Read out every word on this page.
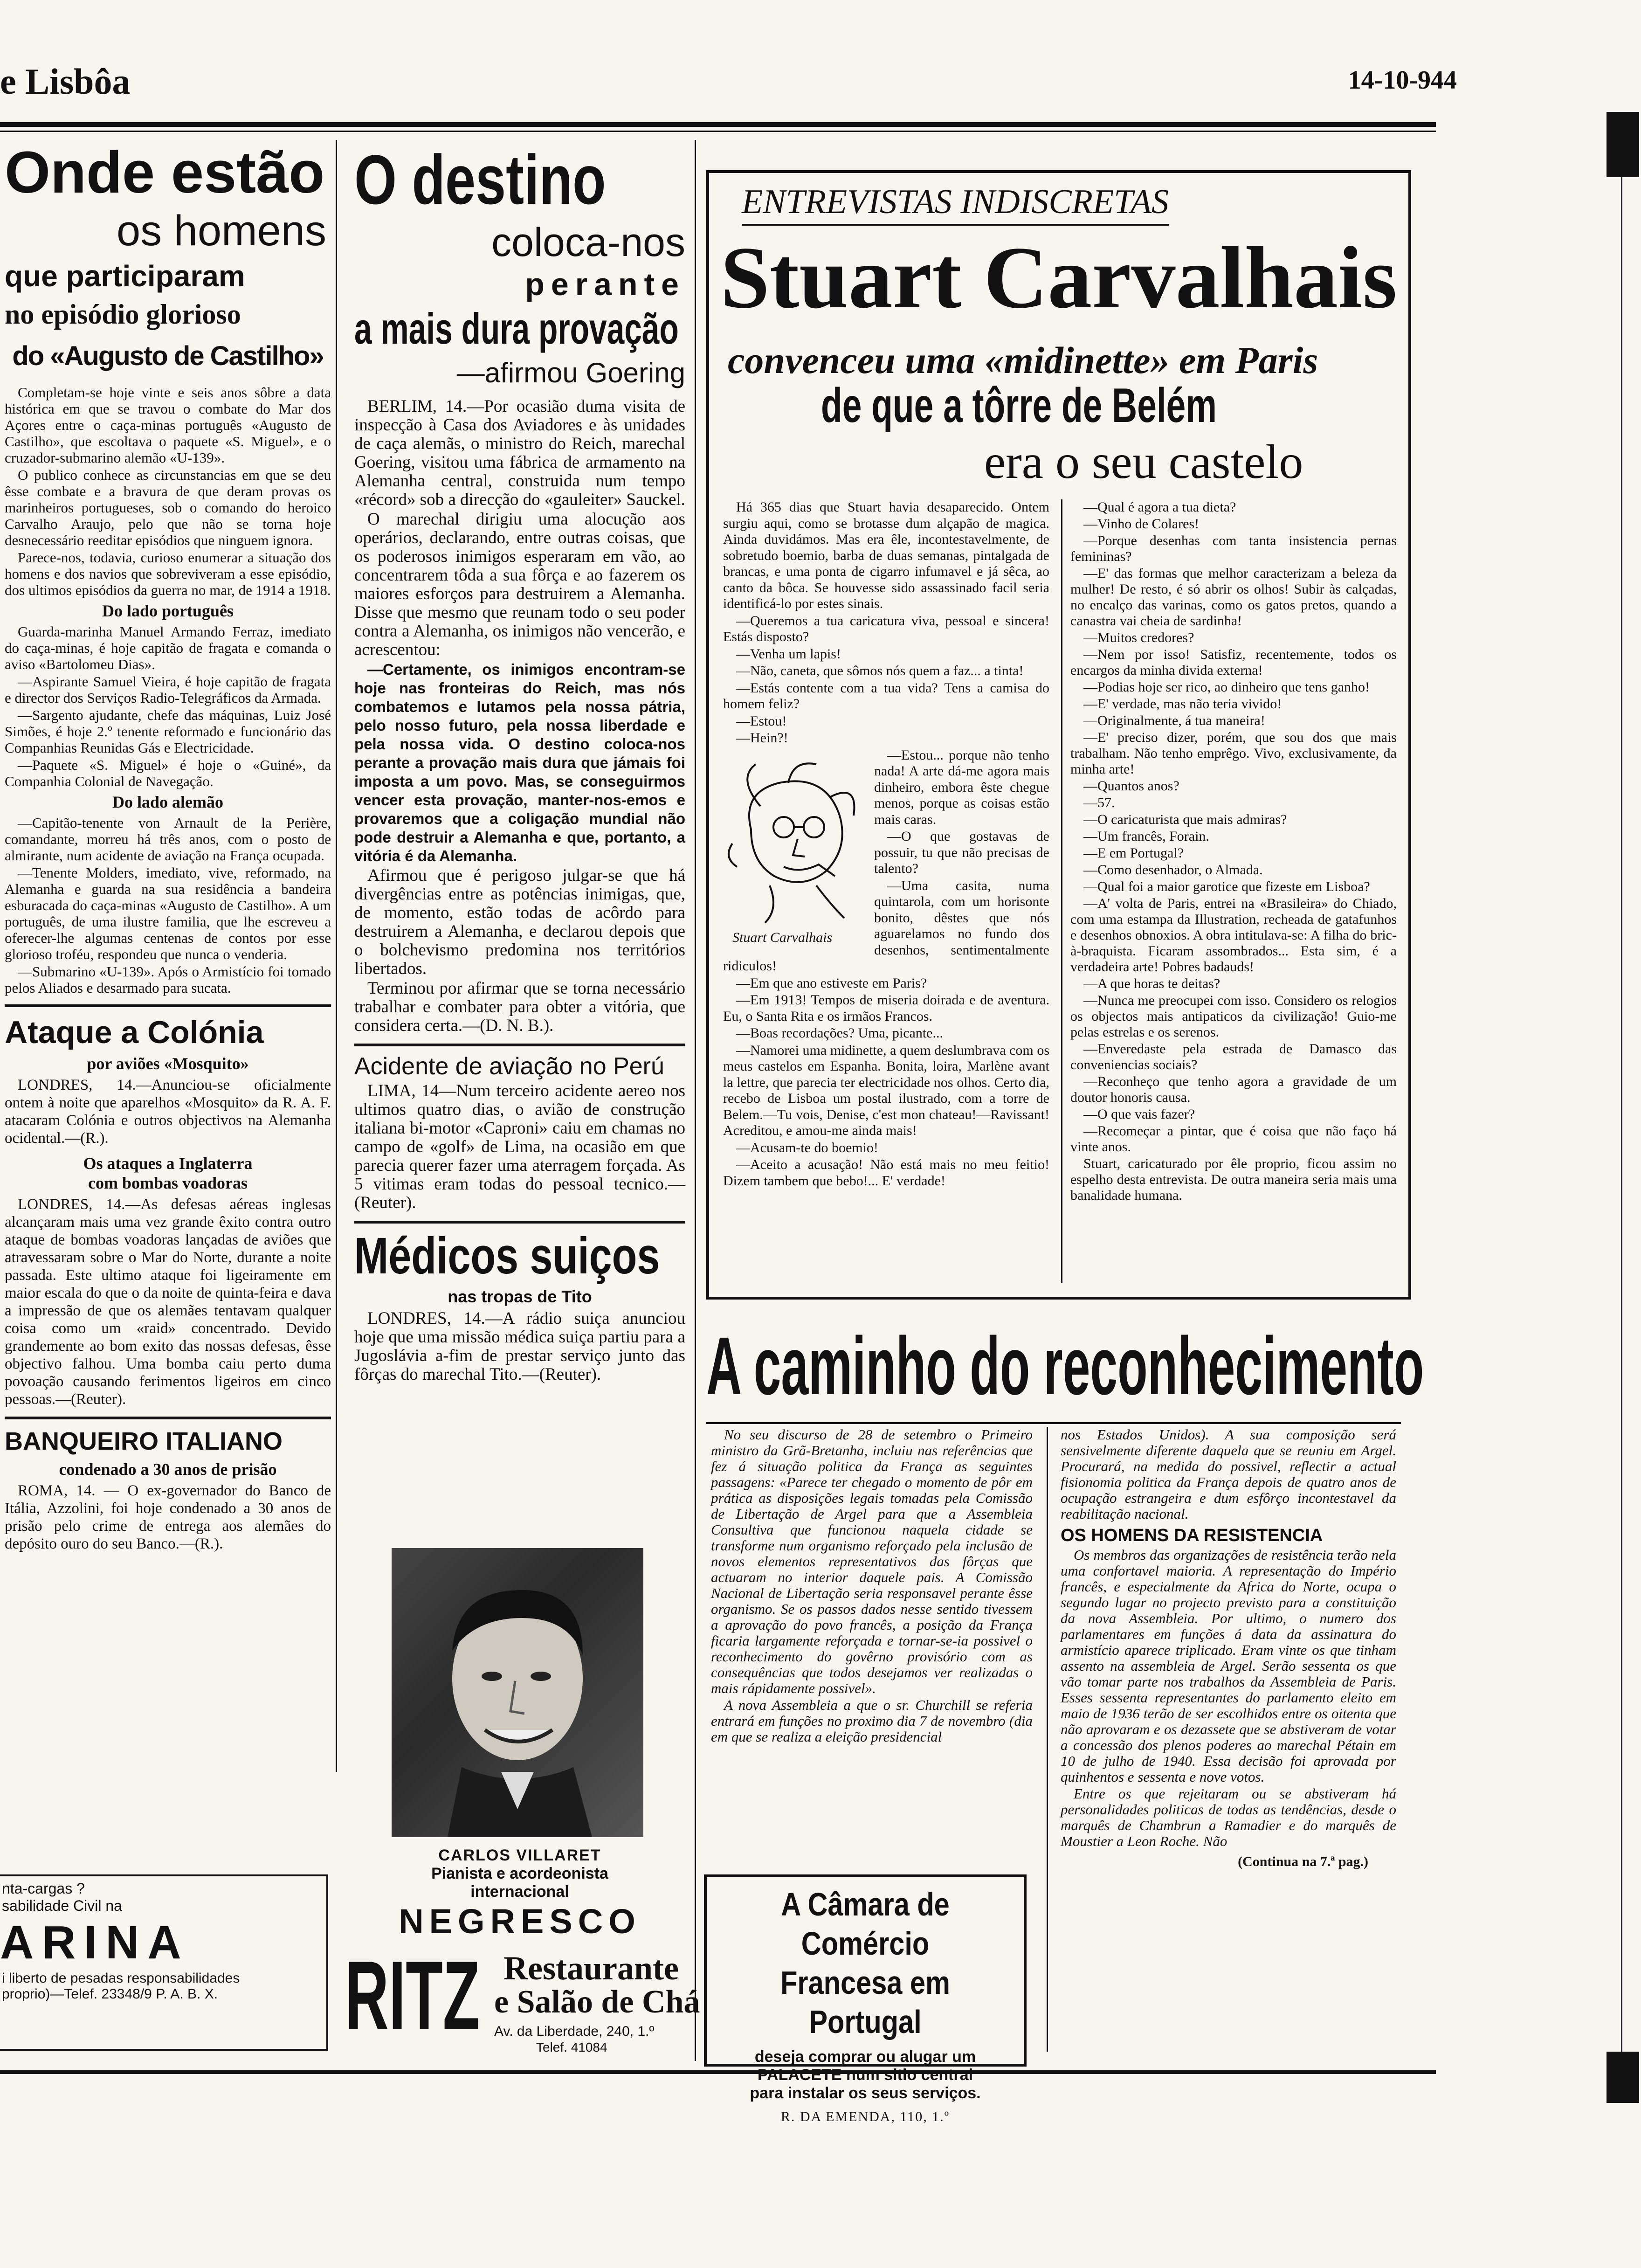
e Lisbôa	14-10-944
Onde estão
os homens
que participaram
no episódio glorioso
do «Augusto de Castilho»

Completam-se hoje vinte e seis anos sôbre a data histórica em que se travou o combate do Mar dos Açores entre o caça-minas português «Augusto de Castilho», que escoltava o paquete «S. Miguel», e o cruzador-submarino alemão «U-139».

O publico conhece as circunstancias em que se deu êsse combate e a bravura de que deram provas os marinheiros portugueses, sob o comando do heroico Carvalho Araujo, pelo que não se torna hoje desnecessário reeditar episódios que ninguem ignora.

Parece-nos, todavia, curioso enumerar a situação dos homens e dos navios que sobreviveram a esse episódio, dos ultimos episódios da guerra no mar, de 1914 a 1918.

Do lado português

Guarda-marinha Manuel Armando Ferraz, imediato do caça-minas, é hoje capitão de fragata e comanda o aviso «Bartolomeu Dias».

—Aspirante Samuel Vieira, é hoje capitão de fragata e director dos Serviços Radio-Telegráficos da Armada.

—Sargento ajudante, chefe das máquinas, Luiz José Simões, é hoje 2.º tenente reformado e funcionário das Companhias Reunidas Gás e Electricidade.

—Paquete «S. Miguel» é hoje o «Guiné», da Companhia Colonial de Navegação.

Do lado alemão

—Capitão-tenente von Arnault de la Perière, comandante, morreu há três anos, com o posto de almirante, num acidente de aviação na França ocupada.

—Tenente Molders, imediato, vive, reformado, na Alemanha e guarda na sua residência a bandeira esburacada do caça-minas «Augusto de Castilho». A um português, de uma ilustre familia, que lhe escreveu a oferecer-lhe algumas centenas de contos por esse glorioso troféu, respondeu que nunca o venderia.

—Submarino «U-139». Após o Armistício foi tomado pelos Aliados e desarmado para sucata.

Ataque a Colónia
por aviões «Mosquito»

LONDRES, 14.—Anunciou-se oficialmente ontem à noite que aparelhos «Mosquito» da R. A. F. atacaram Colónia e outros objectivos na Alemanha ocidental.—(R.).

Os ataques a Inglaterra
com bombas voadoras

LONDRES, 14.—As defesas aéreas inglesas alcançaram mais uma vez grande êxito contra outro ataque de bombas voadoras lançadas de aviões que atravessaram sobre o Mar do Norte, durante a noite passada. Este ultimo ataque foi ligeiramente em maior escala do que o da noite de quinta-feira e dava a impressão de que os alemães tentavam qualquer coisa como um «raid» concentrado. Devido grandemente ao bom exito das nossas defesas, êsse objectivo falhou. Uma bomba caiu perto duma povoação causando ferimentos ligeiros em cinco pessoas.—(Reuter).

BANQUEIRO ITALIANO
condenado a 30 anos de prisão

ROMA, 14. — O ex-governador do Banco de Itália, Azzolini, foi hoje condenado a 30 anos de prisão pelo crime de entrega aos alemães do depósito ouro do seu Banco.—(R.).

nta-cargas ?
sabilidade Civil na
ARINA
i liberto de pesadas responsabilidades
proprio)—Telef. 23348/9 P. A. B. X.
O destino
coloca-nos
perante
a mais dura provação
—afirmou Goering

BERLIM, 14.—Por ocasião duma visita de inspecção à Casa dos Aviadores e às unidades de caça alemãs, o ministro do Reich, marechal Goering, visitou uma fábrica de armamento na Alemanha central, construida num tempo «récord» sob a direcção do «gauleiter» Sauckel.

O marechal dirigiu uma alocução aos operários, declarando, entre outras coisas, que os poderosos inimigos esperaram em vão, ao concentrarem tôda a sua fôrça e ao fazerem os maiores esforços para destruirem a Alemanha. Disse que mesmo que reunam todo o seu poder contra a Alemanha, os inimigos não vencerão, e acrescentou:

—Certamente, os inimigos encontram-se hoje nas fronteiras do Reich, mas nós combatemos e lutamos pela nossa pátria, pelo nosso futuro, pela nossa liberdade e pela nossa vida. O destino coloca-nos perante a provação mais dura que jámais foi imposta a um povo. Mas, se conseguirmos vencer esta provação, manter-nos-emos e provaremos que a coligação mundial não pode destruir a Alemanha e que, portanto, a vitória é da Alemanha.

Afirmou que é perigoso julgar-se que há divergências entre as potências inimigas, que, de momento, estão todas de acôrdo para destruirem a Alemanha, e declarou depois que o bolchevismo predomina nos territórios libertados.

Terminou por afirmar que se torna necessário trabalhar e combater para obter a vitória, que considera certa.—(D. N. B.).

Acidente de aviação no Perú

LIMA, 14—Num terceiro acidente aereo nos ultimos quatro dias, o avião de construção italiana bi-motor «Caproni» caiu em chamas no campo de «golf» de Lima, na ocasião em que parecia querer fazer uma aterragem forçada. As 5 vitimas eram todas do pessoal tecnico.—(Reuter).

Médicos suiços
nas tropas de Tito

LONDRES, 14.—A rádio suiça anunciou hoje que uma missão médica suiça partiu para a Jugoslávia a-fim de prestar serviço junto das fôrças do marechal Tito.—(Reuter).

CARLOS VILLARET
Pianista e acordeonista
internacional
NEGRESCO
RITZ Restaurante
e Salão de Chá
Av. da Liberdade, 240, 1.º
Telef. 41084
ENTREVISTAS INDISCRETAS
Stuart Carvalhais
convenceu uma «midinette» em Paris
de que a tôrre de Belém
era o seu castelo

Há 365 dias que Stuart havia desaparecido. Ontem surgiu aqui, como se brotasse dum alçapão de magica. Ainda duvidámos. Mas era êle, incontestavelmente, de sobretudo boemio, barba de duas semanas, pintalgada de brancas, e uma ponta de cigarro infumavel e já sêca, ao canto da bôca. Se houvesse sido assassinado facil seria identificá-lo por estes sinais.

—Queremos a tua caricatura viva, pessoal e sincera! Estás disposto?

—Venha um lapis!

—Não, caneta, que sômos nós quem a faz... a tinta!

—Estás contente com a tua vida? Tens a camisa do homem feliz?

—Estou!

—Hein?!

Stuart Carvalhais

—Estou... porque não tenho nada! A arte dá-me agora mais dinheiro, embora êste chegue menos, porque as coisas estão mais caras.

—O que gostavas de possuir, tu que não precisas de talento?

—Uma casita, numa quintarola, com um horisonte bonito, dêstes que nós aguarelamos no fundo dos desenhos, sentimentalmente ridiculos!

—Em que ano estiveste em Paris?

—Em 1913! Tempos de miseria doirada e de aventura. Eu, o Santa Rita e os irmãos Francos.

—Boas recordações? Uma, picante...

—Namorei uma midinette, a quem deslumbrava com os meus castelos em Espanha. Bonita, loira, Marlène avant la lettre, que parecia ter electricidade nos olhos. Certo dia, recebo de Lisboa um postal ilustrado, com a torre de Belem.—Tu vois, Denise, c'est mon chateau!—Ravissant! Acreditou, e amou-me ainda mais!

—Acusam-te do boemio!

—Aceito a acusação! Não está mais no meu feitio! Dizem tambem que bebo!... E' verdade!

—Qual é agora a tua dieta?

—Vinho de Colares!

—Porque desenhas com tanta insistencia pernas femininas?

—E' das formas que melhor caracterizam a beleza da mulher! De resto, é só abrir os olhos! Subir às calçadas, no encalço das varinas, como os gatos pretos, quando a canastra vai cheia de sardinha!

—Muitos credores?

—Nem por isso! Satisfiz, recentemente, todos os encargos da minha divida externa!

—Podias hoje ser rico, ao dinheiro que tens ganho!

—E' verdade, mas não teria vivido!

—Originalmente, á tua maneira!

—E' preciso dizer, porém, que sou dos que mais trabalham. Não tenho emprêgo. Vivo, exclusivamente, da minha arte!

—Quantos anos?

—57.

—O caricaturista que mais admiras?

—Um francês, Forain.

—E em Portugal?

—Como desenhador, o Almada.

—Qual foi a maior garotice que fizeste em Lisboa?

—A' volta de Paris, entrei na «Brasileira» do Chiado, com uma estampa da Illustration, recheada de gatafunhos e desenhos obnoxios. A obra intitulava-se: A filha do bric-à-braquista. Ficaram assombrados... Esta sim, é a verdadeira arte! Pobres badauds!

—A que horas te deitas?

—Nunca me preocupei com isso. Considero os relogios os objectos mais antipaticos da civilização! Guio-me pelas estrelas e os serenos.

—Enveredaste pela estrada de Damasco das conveniencias sociais?

—Reconheço que tenho agora a gravidade de um doutor honoris causa.

—O que vais fazer?

—Recomeçar a pintar, que é coisa que não faço há vinte anos.

Stuart, caricaturado por êle proprio, ficou assim no espelho desta entrevista. De outra maneira seria mais uma banalidade humana.

A caminho do reconhecimento

No seu discurso de 28 de setembro o Primeiro ministro da Grã-Bretanha, incluiu nas referências que fez á situação politica da França as seguintes passagens: «Parece ter chegado o momento de pôr em prática as disposições legais tomadas pela Comissão de Libertação de Argel para que a Assembleia Consultiva que funcionou naquela cidade se transforme num organismo reforçado pela inclusão de novos elementos representativos das fôrças que actuaram no interior daquele pais. A Comissão Nacional de Libertação seria responsavel perante êsse organismo. Se os passos dados nesse sentido tivessem a aprovação do povo francês, a posição da França ficaria largamente reforçada e tornar-se-ia possivel o reconhecimento do govêrno provisório com as consequências que todos desejamos ver realizadas o mais rápidamente possivel».

A nova Assembleia a que o sr. Churchill se referia entrará em funções no proximo dia 7 de novembro (dia em que se realiza a eleição presidencial

nos Estados Unidos). A sua composição será sensivelmente diferente daquela que se reuniu em Argel. Procurará, na medida do possivel, reflectir a actual fisionomia politica da França depois de quatro anos de ocupação estrangeira e dum esfôrço incontestavel da reabilitação nacional.

OS HOMENS DA RESISTENCIA

Os membros das organizações de resistência terão nela uma confortavel maioria. A representação do Império francês, e especialmente da Africa do Norte, ocupa o segundo lugar no projecto previsto para a constituição da nova Assembleia. Por ultimo, o numero dos parlamentares em funções á data da assinatura do armistício aparece triplicado. Eram vinte os que tinham assento na assembleia de Argel. Serão sessenta os que vão tomar parte nos trabalhos da Assembleia de Paris. Esses sessenta representantes do parlamento eleito em maio de 1936 terão de ser escolhidos entre os oitenta que não aprovaram e os dezassete que se abstiveram de votar a concessão dos plenos poderes ao marechal Pétain em 10 de julho de 1940. Essa decisão foi aprovada por quinhentos e sessenta e nove votos.

Entre os que rejeitaram ou se abstiveram há personalidades politicas de todas as tendências, desde o marquês de Chambrun a Ramadier e do marquês de Moustier a Leon Roche. Não

(Continua na 7.ª pag.)
A Câmara de Comércio
Francesa em Portugal
deseja comprar ou alugar um
PALACETE num sitio central
para instalar os seus serviços.
R. DA EMENDA, 110, 1.º
